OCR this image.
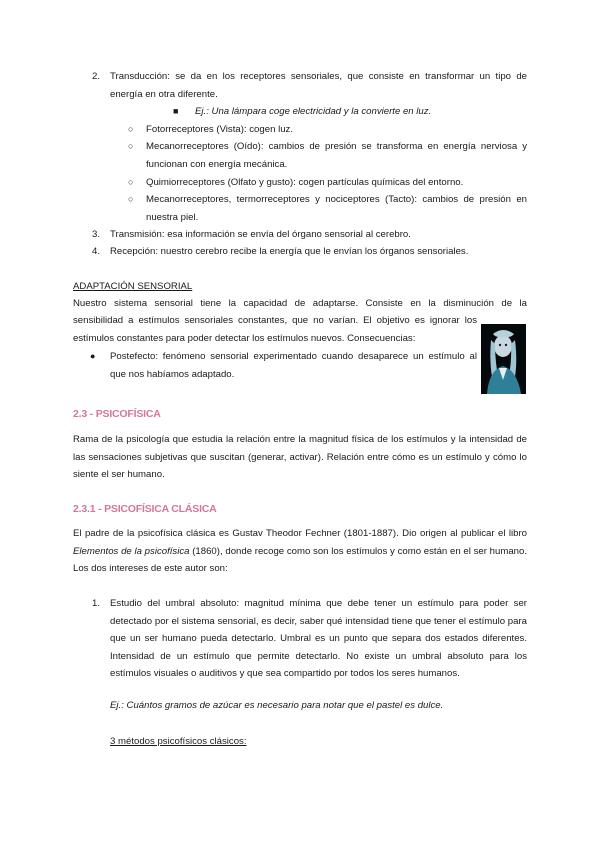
2. Transducción: se da en los receptores sensoriales, que consiste en transformar un tipo de energía en otra diferente.

■ Ej.: Una lámpara coge electricidad y la convierte en luz.

○ Fotorreceptores (Vista): cogen luz.

○ Mecanorreceptores (Oído): cambios de presión se transforma en energía nerviosa y funcionan con energía mecánica.

○ Quimiorreceptores (Olfato y gusto): cogen partículas químicas del entorno.

○ Mecanorreceptores, termorreceptores y nociceptores (Tacto): cambios de presión en nuestra piel.

3. Transmisión: esa información se envía del órgano sensorial al cerebro.

4. Recepción: nuestro cerebro recibe la energía que le envían los órganos sensoriales.

ADAPTACIÓN SENSORIAL

Nuestro sistema sensorial tiene la capacidad de adaptarse. Consiste en la disminución de la

sensibilidad a estímulos sensoriales constantes, que no varían. El objetivo es ignorar los

estímulos constantes para poder detectar los estímulos nuevos. Consecuencias:

● Postefecto: fenómeno sensorial experimentado cuando desaparece un estímulo al que nos habíamos adaptado.

2.3 - PSICOFÍSICA

Rama de la psicología que estudia la relación entre la magnitud física de los estímulos y la intensidad de las sensaciones subjetivas que suscitan (generar, activar). Relación entre cómo es un estímulo y cómo lo siente el ser humano.

2.3.1 - PSICOFÍSICA CLÁSICA

El padre de la psicofísica clásica es Gustav Theodor Fechner (1801-1887). Dio origen al publicar el libro Elementos de la psicofísica (1860), donde recoge como son los estímulos y como están en el ser humano. Los dos intereses de este autor son:

1. Estudio del umbral absoluto: magnitud mínima que debe tener un estímulo para poder ser detectado por el sistema sensorial, es decir, saber qué intensidad tiene que tener el estímulo para que un ser humano pueda detectarlo. Umbral es un punto que separa dos estados diferentes. Intensidad de un estímulo que permite detectarlo. No existe un umbral absoluto para los estímulos visuales o auditivos y que sea compartido por todos los seres humanos.

Ej.: Cuántos gramos de azúcar es necesario para notar que el pastel es dulce.

3 métodos psicofísicos clásicos:
